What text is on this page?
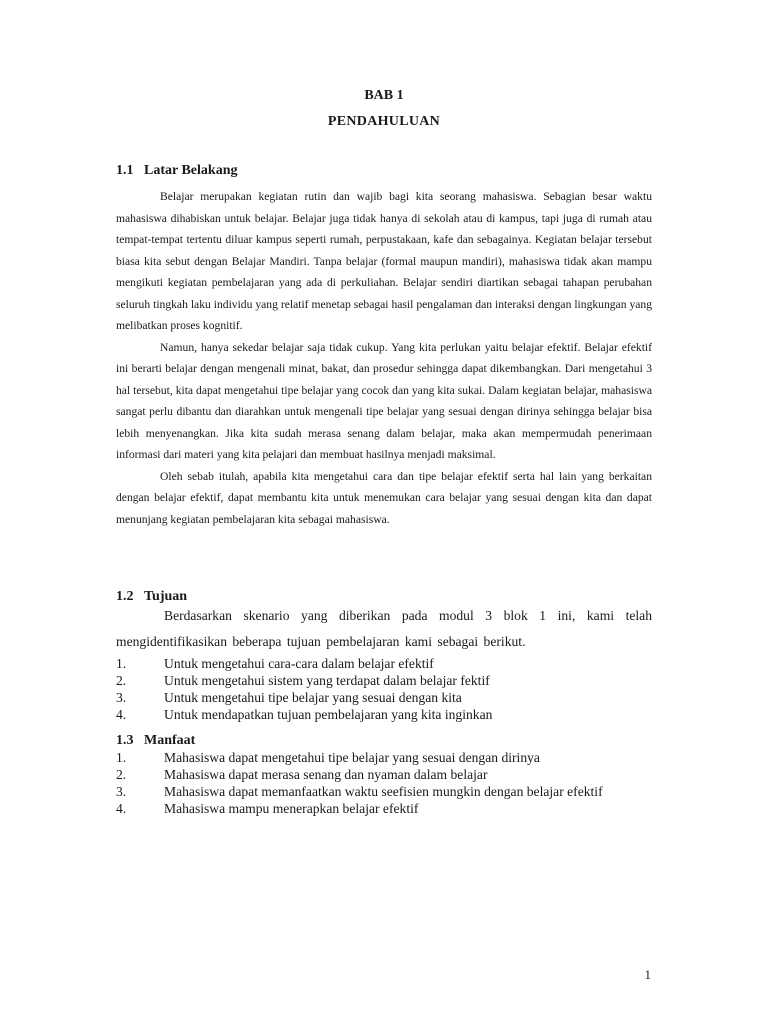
BAB 1
PENDAHULUAN
1.1 Latar Belakang

Belajar merupakan kegiatan rutin dan wajib bagi kita seorang mahasiswa. Sebagian besar waktu mahasiswa dihabiskan untuk belajar. Belajar juga tidak hanya di sekolah atau di kampus, tapi juga di rumah atau tempat-tempat tertentu diluar kampus seperti rumah, perpustakaan, kafe dan sebagainya. Kegiatan belajar tersebut biasa kita sebut dengan Belajar Mandiri. Tanpa belajar (formal maupun mandiri), mahasiswa tidak akan mampu mengikuti kegiatan pembelajaran yang ada di perkuliahan. Belajar sendiri diartikan sebagai tahapan perubahan seluruh tingkah laku individu yang relatif menetap sebagai hasil pengalaman dan interaksi dengan lingkungan yang melibatkan proses kognitif.

Namun, hanya sekedar belajar saja tidak cukup. Yang kita perlukan yaitu belajar efektif. Belajar efektif ini berarti belajar dengan mengenali minat, bakat, dan prosedur sehingga dapat dikembangkan. Dari mengetahui 3 hal tersebut, kita dapat mengetahui tipe belajar yang cocok dan yang kita sukai. Dalam kegiatan belajar, mahasiswa sangat perlu dibantu dan diarahkan untuk mengenali tipe belajar yang sesuai dengan dirinya sehingga belajar bisa lebih menyenangkan. Jika kita sudah merasa senang dalam belajar, maka akan mempermudah penerimaan informasi dari materi yang kita pelajari dan membuat hasilnya menjadi maksimal.

Oleh sebab itulah, apabila kita mengetahui cara dan tipe belajar efektif serta hal lain yang berkaitan dengan belajar efektif, dapat membantu kita untuk menemukan cara belajar yang sesuai dengan kita dan dapat menunjang kegiatan pembelajaran kita sebagai mahasiswa.

1.2 Tujuan

Berdasarkan skenario yang diberikan pada modul 3 blok 1 ini, kami telah mengidentifikasikan beberapa tujuan pembelajaran kami sebagai berikut.

1.	Untuk mengetahui cara-cara dalam belajar efektif
2.	Untuk mengetahui sistem yang terdapat dalam belajar fektif
3.	Untuk mengetahui tipe belajar yang sesuai dengan kita
4.	Untuk mendapatkan tujuan pembelajaran yang kita inginkan
1.3 Manfaat
1.	Mahasiswa dapat mengetahui tipe belajar yang sesuai dengan dirinya
2.	Mahasiswa dapat merasa senang dan nyaman dalam belajar
3.	Mahasiswa dapat memanfaatkan waktu seefisien mungkin dengan belajar efektif
4.	Mahasiswa mampu menerapkan belajar efektif
1
